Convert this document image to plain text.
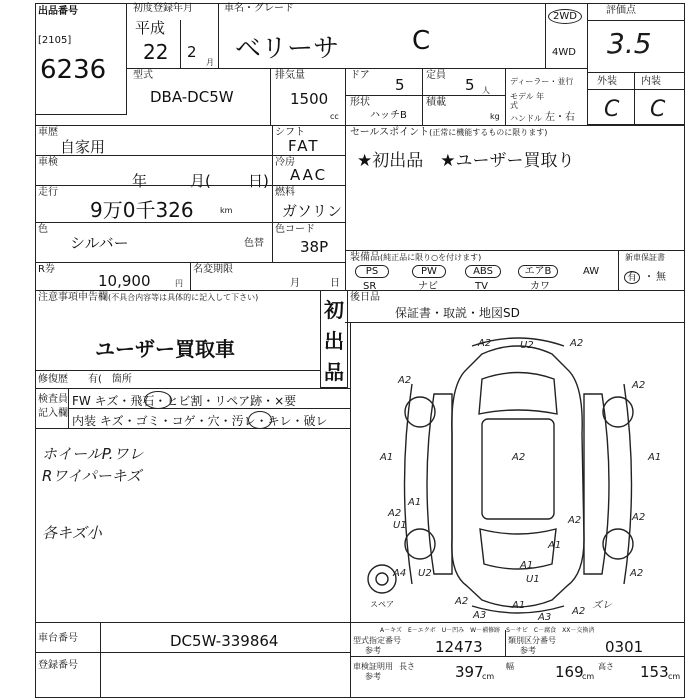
出品番号
[2105]
6236
初度登録年月
平成
22 2
月
車名・グレード
ベリーサ	C
2WD
4WD
評価点
3.5
外装 内装
C C
型式
DBA-DC5W
排気量
1500
cc
ドア
5
定員
5 人
形状
ハッチB
積載
kg
ディーラー・並行
モデル 年式
ハンドル 左・右
車歴
自家用
車検
年	月( 日)
走行
9万0千326	km
色
シルバー	色替
R券
10,900	円
名変期限
月	日
シフト
FAT
冷房
AAC
燃料
ガソリン
色コード
38P
セールスポイント(正常に機能するものに限ります)
★初出品　★ユーザー買取り
装備品(純正品に限り○を付けます)
PS	PW	ABS	エアB	AW
SR	ナビ	TV	カワ
新車保証書
有 ・ 無
後日品
保証書・取説・地図SD
注意事項申告欄(不具合内容等は具体的に記入して下さい)
ユーザー買取車
初
出
品
修復歴 有(　箇所
検査員
記入欄
FW キズ・飛石・ヒビ割・リペア跡・×要
内装 キズ・ゴミ・コゲ・穴・汚レ・キレ・破レ
ホイールP.ワレ
Rワイパーキズ
各キズ小
A2	U2	A2
A2	A2
A1	A1
A2
A1
A2	A2
U1	A2
A1
A1
U1
A4 U2	A2
A3	A3
A2	ズレ
A1
A2
スペア
A－キズ　E－エクボ　U－凹み　W－補修跡　S－サビ　C－腐食　XX－交換済
車台番号	DC5W-339864
登録番号
型式指定番号
参考	12473	類別区分番号
参考	0301
車検証明用
参考
長さ	397
cm
幅	169
cm
高さ 153 cm
